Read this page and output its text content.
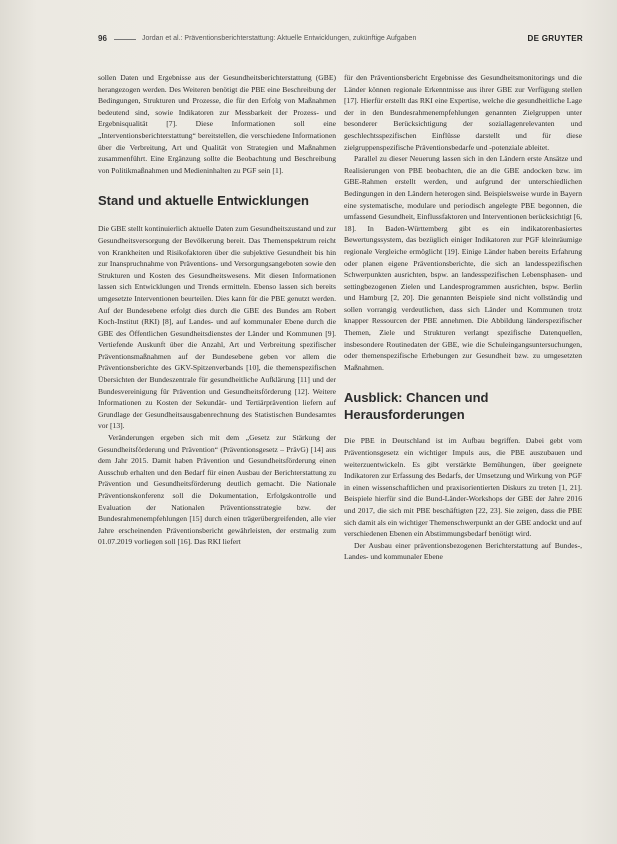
96	Jordan et al.: Präventionsberichterstattung: Aktuelle Entwicklungen, zukünftige Aufgaben	DE GRUYTER

sollen Daten und Ergebnisse aus der Gesundheitsberichterstattung (GBE) herangezogen werden. Des Weiteren benötigt die PBE eine Beschreibung der Bedingungen, Strukturen und Prozesse, die für den Erfolg von Maßnahmen bedeutend sind, sowie Indikatoren zur Messbarkeit der Prozess- und Ergebnisqualität [7]. Diese Informationen soll eine „Interventionsberichterstattung“ bereitstellen, die verschiedene Informationen über die Verbreitung, Art und Qualität von Strategien und Maßnahmen zusammenführt. Eine Ergänzung sollte die Beobachtung und Beschreibung von Politikmaßnahmen und Medieninhalten zu PGF sein [1].

Stand und aktuelle Entwicklungen

Die GBE stellt kontinuierlich aktuelle Daten zum Gesundheitszustand und zur Gesundheitsversorgung der Bevölkerung bereit. Das Themenspektrum reicht von Krankheiten und Risikofaktoren über die subjektive Gesundheit bis hin zur Inanspruchnahme von Präventions- und Versorgungsangeboten sowie den Strukturen und Kosten des Gesundheitswesens. Mit diesen Informationen lassen sich Entwicklungen und Trends ermitteln. Ebenso lassen sich bereits umgesetzte Interventionen beurteilen. Dies kann für die PBE genutzt werden. Auf der Bundesebene erfolgt dies durch die GBE des Bundes am Robert Koch-Institut (RKI) [8], auf Landes- und auf kommunaler Ebene durch die GBE des Öffentlichen Gesundheitsdienstes der Länder und Kommunen [9]. Vertiefende Auskunft über die Anzahl, Art und Verbreitung spezifischer Präventionsmaßnahmen auf der Bundesebene geben vor allem die Präventionsberichte des GKV-Spitzenverbands [10], die themenspezifischen Übersichten der Bundeszentrale für gesundheitliche Aufklärung [11] und der Bundesvereinigung für Prävention und Gesundheitsförderung [12]. Weitere Informationen zu Kosten der Sekundär- und Tertiärprävention liefern auf Grundlage der Gesundheitsausgabenrechnung des Statistischen Bundesamtes vor [13].

Veränderungen ergeben sich mit dem „Gesetz zur Stärkung der Gesundheitsförderung und Prävention“ (Präventionsgesetz – PrävG) [14] aus dem Jahr 2015. Damit haben Prävention und Gesundheitsförderung einen Ausschub erhalten und den Bedarf für einen Ausbau der Berichterstattung zu Prävention und Gesundheitsförderung deutlich gemacht. Die Nationale Präventionskonferenz soll die Dokumentation, Erfolgskontrolle und Evaluation der Nationalen Präventionsstrategie bzw. der Bundesrahmenempfehlungen [15] durch einen trägerübergreifenden, alle vier Jahre erscheinenden Präventionsbericht gewährleisten, der erstmalig zum 01.07.2019 vorliegen soll [16]. Das RKI liefert

für den Präventionsbericht Ergebnisse des Gesundheitsmonitorings und die Länder können regionale Erkenntnisse aus ihrer GBE zur Verfügung stellen [17]. Hierfür erstellt das RKI eine Expertise, welche die gesundheitliche Lage der in den Bundesrahmenempfehlungen genannten Zielgruppen unter besonderer Berücksichtigung der soziallagenrelevanten und geschlechtsspezifischen Einflüsse darstellt und für diese zielgruppenspezifische Präventionsbedarfe und -potenziale ableitet.

Parallel zu dieser Neuerung lassen sich in den Ländern erste Ansätze und Realisierungen von PBE beobachten, die an die GBE andocken bzw. im GBE-Rahmen erstellt werden, und aufgrund der unterschiedlichen Bedingungen in den Ländern heterogen sind. Beispielsweise wurde in Bayern eine systematische, modulare und periodisch angelegte PBE begonnen, die umfassend Gesundheit, Einflussfaktoren und Interventionen berücksichtigt [6, 18]. In Baden-Württemberg gibt es ein indikatorenbasiertes Bewertungssystem, das bezüglich einiger Indikatoren zur PGF kleinräumige regionale Vergleiche ermöglicht [19]. Einige Länder haben bereits Erfahrung oder planen eigene Präventionsberichte, die sich an landesspezifischen Schwerpunkten ausrichten, bspw. an landesspezifischen Lebensphasen- und settingbezogenen Zielen und Landesprogrammen ausrichten, bspw. Berlin und Hamburg [2, 20]. Die genannten Beispiele sind nicht vollständig und sollen vorrangig verdeutlichen, dass sich Länder und Kommunen trotz knapper Ressourcen der PBE annehmen. Die Abbildung länderspezifischer Themen, Ziele und Strukturen verlangt spezifische Datenquellen, insbesondere Routinedaten der GBE, wie die Schuleingangsuntersuchungen, oder themenspezifische Erhebungen zur Gesundheit bzw. zu umgesetzten Maßnahmen.

Ausblick: Chancen und Herausforderungen

Die PBE in Deutschland ist im Aufbau begriffen. Dabei gebt vom Präventionsgesetz ein wichtiger Impuls aus, die PBE auszubauen und weiterzuentwickeln. Es gibt verstärkte Bemühungen, über geeignete Indikatoren zur Erfassung des Bedarfs, der Umsetzung und Wirkung von PGF in einen wissenschaftlichen und praxisorientierten Diskurs zu treten [1, 21]. Beispiele hierfür sind die Bund-Länder-Workshops der GBE der Jahre 2016 und 2017, die sich mit PBE beschäftigten [22, 23]. Sie zeigen, dass die PBE sich damit als ein wichtiger Themenschwerpunkt an der GBE andockt und auf verschiedenen Ebenen ein Abstimmungsbedarf benötigt wird.

Der Ausbau einer präventionsbezogenen Berichterstattung auf Bundes-, Landes- und kommunaler Ebene
